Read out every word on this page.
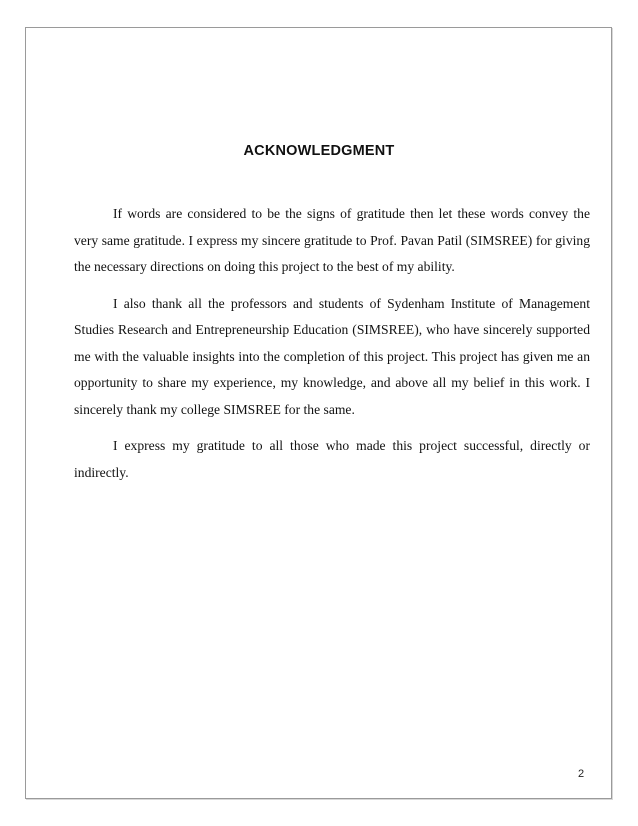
ACKNOWLEDGMENT

If words are considered to be the signs of gratitude then let these words convey the very same gratitude. I express my sincere gratitude to Prof. Pavan Patil (SIMSREE) for giving the necessary directions on doing this project to the best of my ability.

I also thank all the professors and students of Sydenham Institute of Management Studies Research and Entrepreneurship Education (SIMSREE), who have sincerely supported me with the valuable insights into the completion of this project. This project has given me an opportunity to share my experience, my knowledge, and above all my belief in this work. I sincerely thank my college SIMSREE for the same.

I express my gratitude to all those who made this project successful, directly or indirectly.

2
